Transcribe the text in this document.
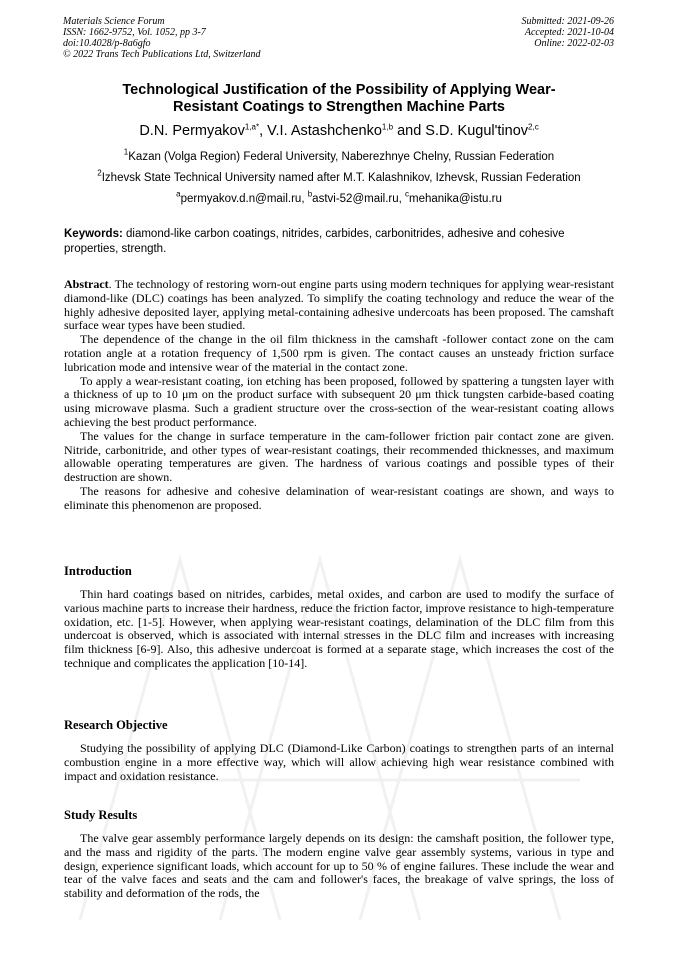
Materials Science Forum
ISSN: 1662-9752, Vol. 1052, pp 3-7
doi:10.4028/p-8a6gfo
© 2022 Trans Tech Publications Ltd, Switzerland
Submitted: 2021-09-26
Accepted: 2021-10-04
Online: 2022-02-03
Technological Justification of the Possibility of Applying Wear-
Resistant Coatings to Strengthen Machine Parts
D.N. Permyakov$^{1,a*}$, V.I. Astashchenko$^{1,b}$ and S.D. Kugul'tinov$^{2,c}$
$^1$Kazan (Volga Region) Federal University, Naberezhnye Chelny, Russian Federation
$^2$Izhevsk State Technical University named after M.T. Kalashnikov, Izhevsk, Russian Federation
$^a$permyakov.d.n@mail.ru, $^b$astvi-52@mail.ru, $^c$mehanika@istu.ru
Keywords: diamond-like carbon coatings, nitrides, carbides, carbonitrides, adhesive and cohesive properties, strength.

Abstract. The technology of restoring worn-out engine parts using modern techniques for applying wear-resistant diamond-like (DLC) coatings has been analyzed. To simplify the coating technology and reduce the wear of the highly adhesive deposited layer, applying metal-containing adhesive undercoats has been proposed. The camshaft surface wear types have been studied.

The dependence of the change in the oil film thickness in the camshaft -follower contact zone on the cam rotation angle at a rotation frequency of 1,500 rpm is given. The contact causes an unsteady friction surface lubrication mode and intensive wear of the material in the contact zone.

To apply a wear-resistant coating, ion etching has been proposed, followed by spattering a tungsten layer with a thickness of up to 10 μm on the product surface with subsequent 20 μm thick tungsten carbide-based coating using microwave plasma. Such a gradient structure over the cross-section of the wear-resistant coating allows achieving the best product performance.

The values for the change in surface temperature in the cam-follower friction pair contact zone are given. Nitride, carbonitride, and other types of wear-resistant coatings, their recommended thicknesses, and maximum allowable operating temperatures are given. The hardness of various coatings and possible types of their destruction are shown.

The reasons for adhesive and cohesive delamination of wear-resistant coatings are shown, and ways to eliminate this phenomenon are proposed.

Introduction

Thin hard coatings based on nitrides, carbides, metal oxides, and carbon are used to modify the surface of various machine parts to increase their hardness, reduce the friction factor, improve resistance to high-temperature oxidation, etc. [1-5]. However, when applying wear-resistant coatings, delamination of the DLC film from this undercoat is observed, which is associated with internal stresses in the DLC film and increases with increasing film thickness [6-9]. Also, this adhesive undercoat is formed at a separate stage, which increases the cost of the technique and complicates the application [10-14].

Research Objective

Studying the possibility of applying DLC (Diamond-Like Carbon) coatings to strengthen parts of an internal combustion engine in a more effective way, which will allow achieving high wear resistance combined with impact and oxidation resistance.

Study Results

The valve gear assembly performance largely depends on its design: the camshaft position, the follower type, and the mass and rigidity of the parts. The modern engine valve gear assembly systems, various in type and design, experience significant loads, which account for up to 50 % of engine failures. These include the wear and tear of the valve faces and seats and the cam and follower's faces, the breakage of valve springs, the loss of stability and deformation of the rods, the
